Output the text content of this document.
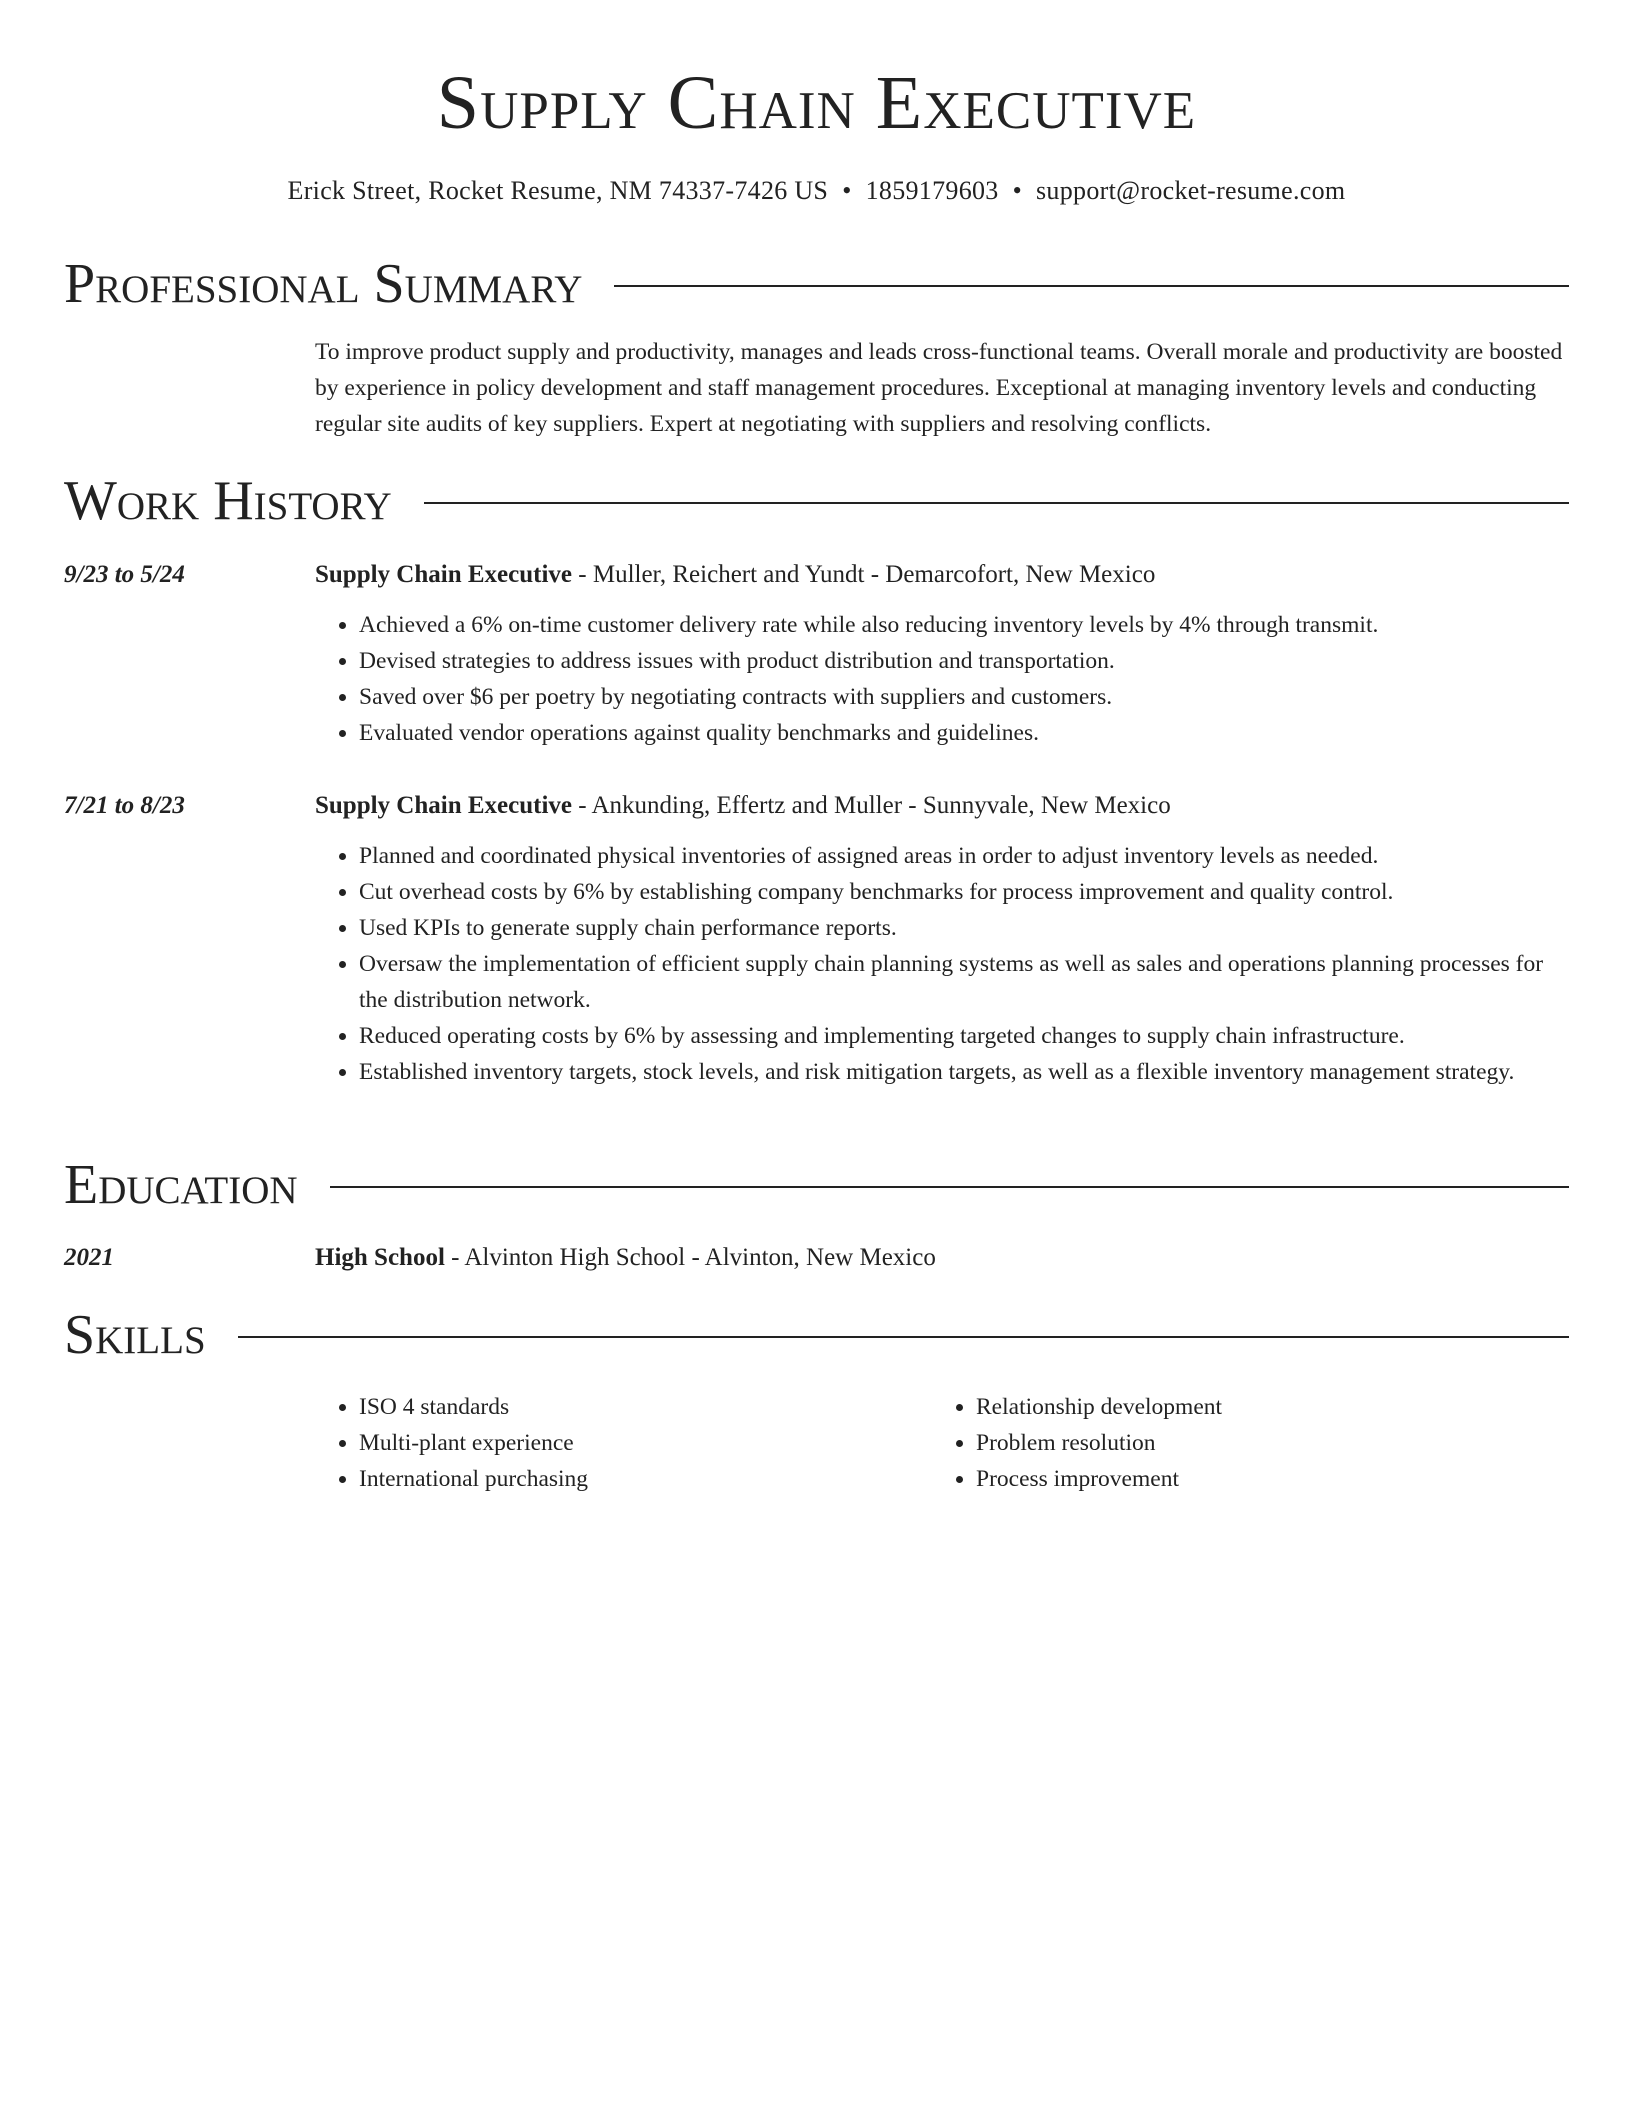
Supply Chain Executive
Erick Street, Rocket Resume, NM 74337-7426 US • 1859179603 • support@rocket-resume.com
Professional Summary
To improve product supply and productivity, manages and leads cross-functional teams. Overall morale and productivity are boosted by experience in policy development and staff management procedures. Exceptional at managing inventory levels and conducting regular site audits of key suppliers. Expert at negotiating with suppliers and resolving conflicts.
Work History
9/23 to 5/24	Supply Chain Executive - Muller, Reichert and Yundt - Demarcofort, New Mexico
• Achieved a 6% on-time customer delivery rate while also reducing inventory levels by 4% through transmit.
• Devised strategies to address issues with product distribution and transportation.
• Saved over $6 per poetry by negotiating contracts with suppliers and customers.
• Evaluated vendor operations against quality benchmarks and guidelines.
7/21 to 8/23	Supply Chain Executive - Ankunding, Effertz and Muller - Sunnyvale, New Mexico
• Planned and coordinated physical inventories of assigned areas in order to adjust inventory levels as needed.
• Cut overhead costs by 6% by establishing company benchmarks for process improvement and quality control.
• Used KPIs to generate supply chain performance reports.
• Oversaw the implementation of efficient supply chain planning systems as well as sales and operations planning processes for the distribution network.
• Reduced operating costs by 6% by assessing and implementing targeted changes to supply chain infrastructure.
• Established inventory targets, stock levels, and risk mitigation targets, as well as a flexible inventory management strategy.
Education
2021	High School - Alvinton High School - Alvinton, New Mexico
Skills
• ISO 4 standards
• Multi-plant experience
• International purchasing
• Relationship development
• Problem resolution
• Process improvement
